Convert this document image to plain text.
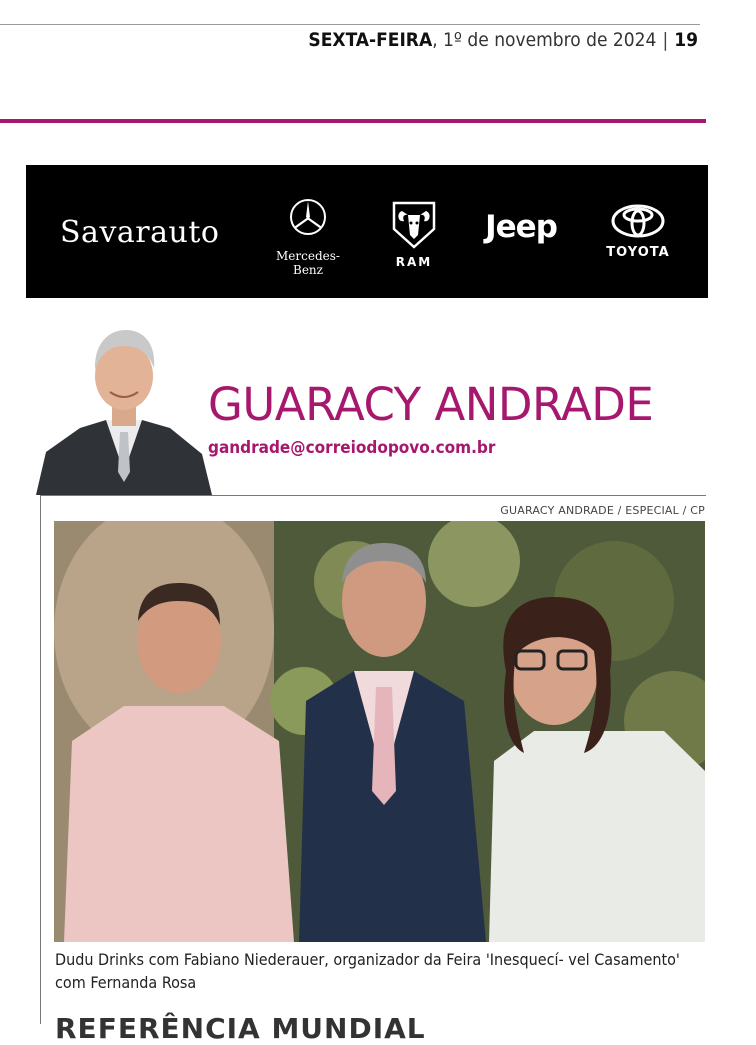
SEXTA-FEIRA, 1º de novembro de 2024 | 19
Savarauto
Mercedes-Benz
RAM
Jeep
TOYOTA
GUARACY ANDRADE
gandrade@correiodopovo.com.br
GUARACY ANDRADE / ESPECIAL / CP
Dudu Drinks com Fabiano Niederauer, organizador da Feira 'Inesquecí- vel Casamento' com Fernanda Rosa
REFERÊNCIA MUNDIAL
